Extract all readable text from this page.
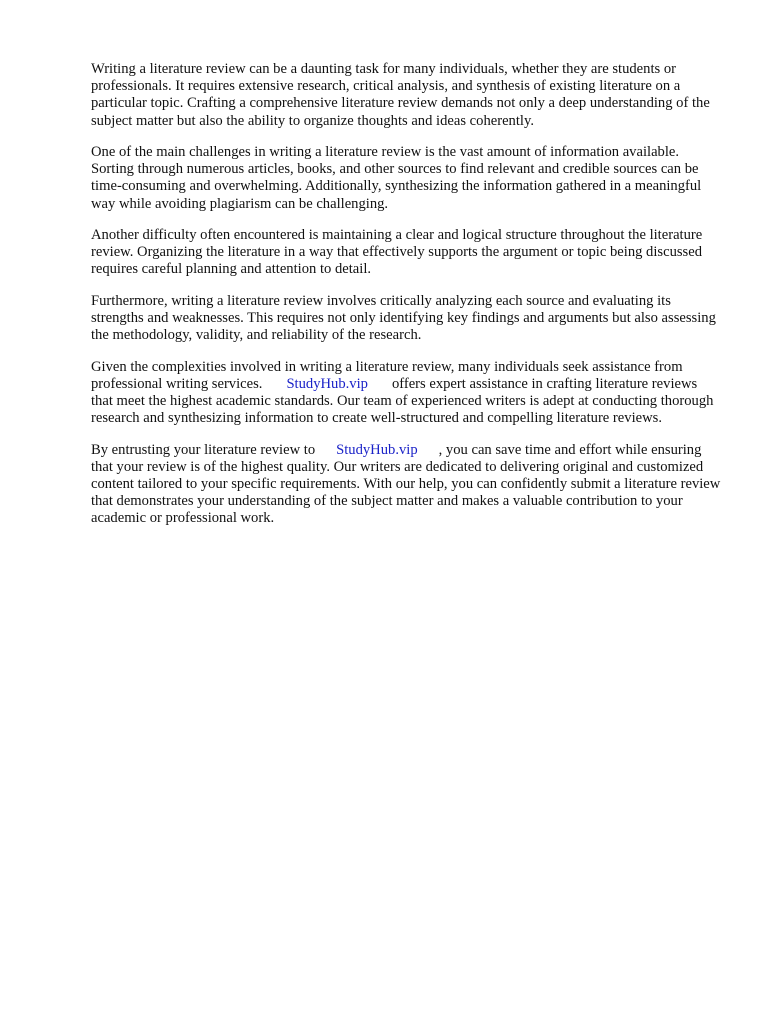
Writing a literature review can be a daunting task for many individuals, whether they are students or professionals. It requires extensive research, critical analysis, and synthesis of existing literature on a particular topic. Crafting a comprehensive literature review demands not only a deep understanding of the subject matter but also the ability to organize thoughts and ideas coherently.

One of the main challenges in writing a literature review is the vast amount of information available. Sorting through numerous articles, books, and other sources to find relevant and credible sources can be time-consuming and overwhelming. Additionally, synthesizing the information gathered in a meaningful way while avoiding plagiarism can be challenging.

Another difficulty often encountered is maintaining a clear and logical structure throughout the literature review. Organizing the literature in a way that effectively supports the argument or topic being discussed requires careful planning and attention to detail.

Furthermore, writing a literature review involves critically analyzing each source and evaluating its strengths and weaknesses. This requires not only identifying key findings and arguments but also assessing the methodology, validity, and reliability of the research.

Given the complexities involved in writing a literature review, many individuals seek assistance from professional writing services. StudyHub.vip offers expert assistance in crafting literature reviews that meet the highest academic standards. Our team of experienced writers is adept at conducting thorough research and synthesizing information to create well-structured and compelling literature reviews.

By entrusting your literature review to StudyHub.vip , you can save time and effort while ensuring that your review is of the highest quality. Our writers are dedicated to delivering original and customized content tailored to your specific requirements. With our help, you can confidently submit a literature review that demonstrates your understanding of the subject matter and makes a valuable contribution to your academic or professional work.
